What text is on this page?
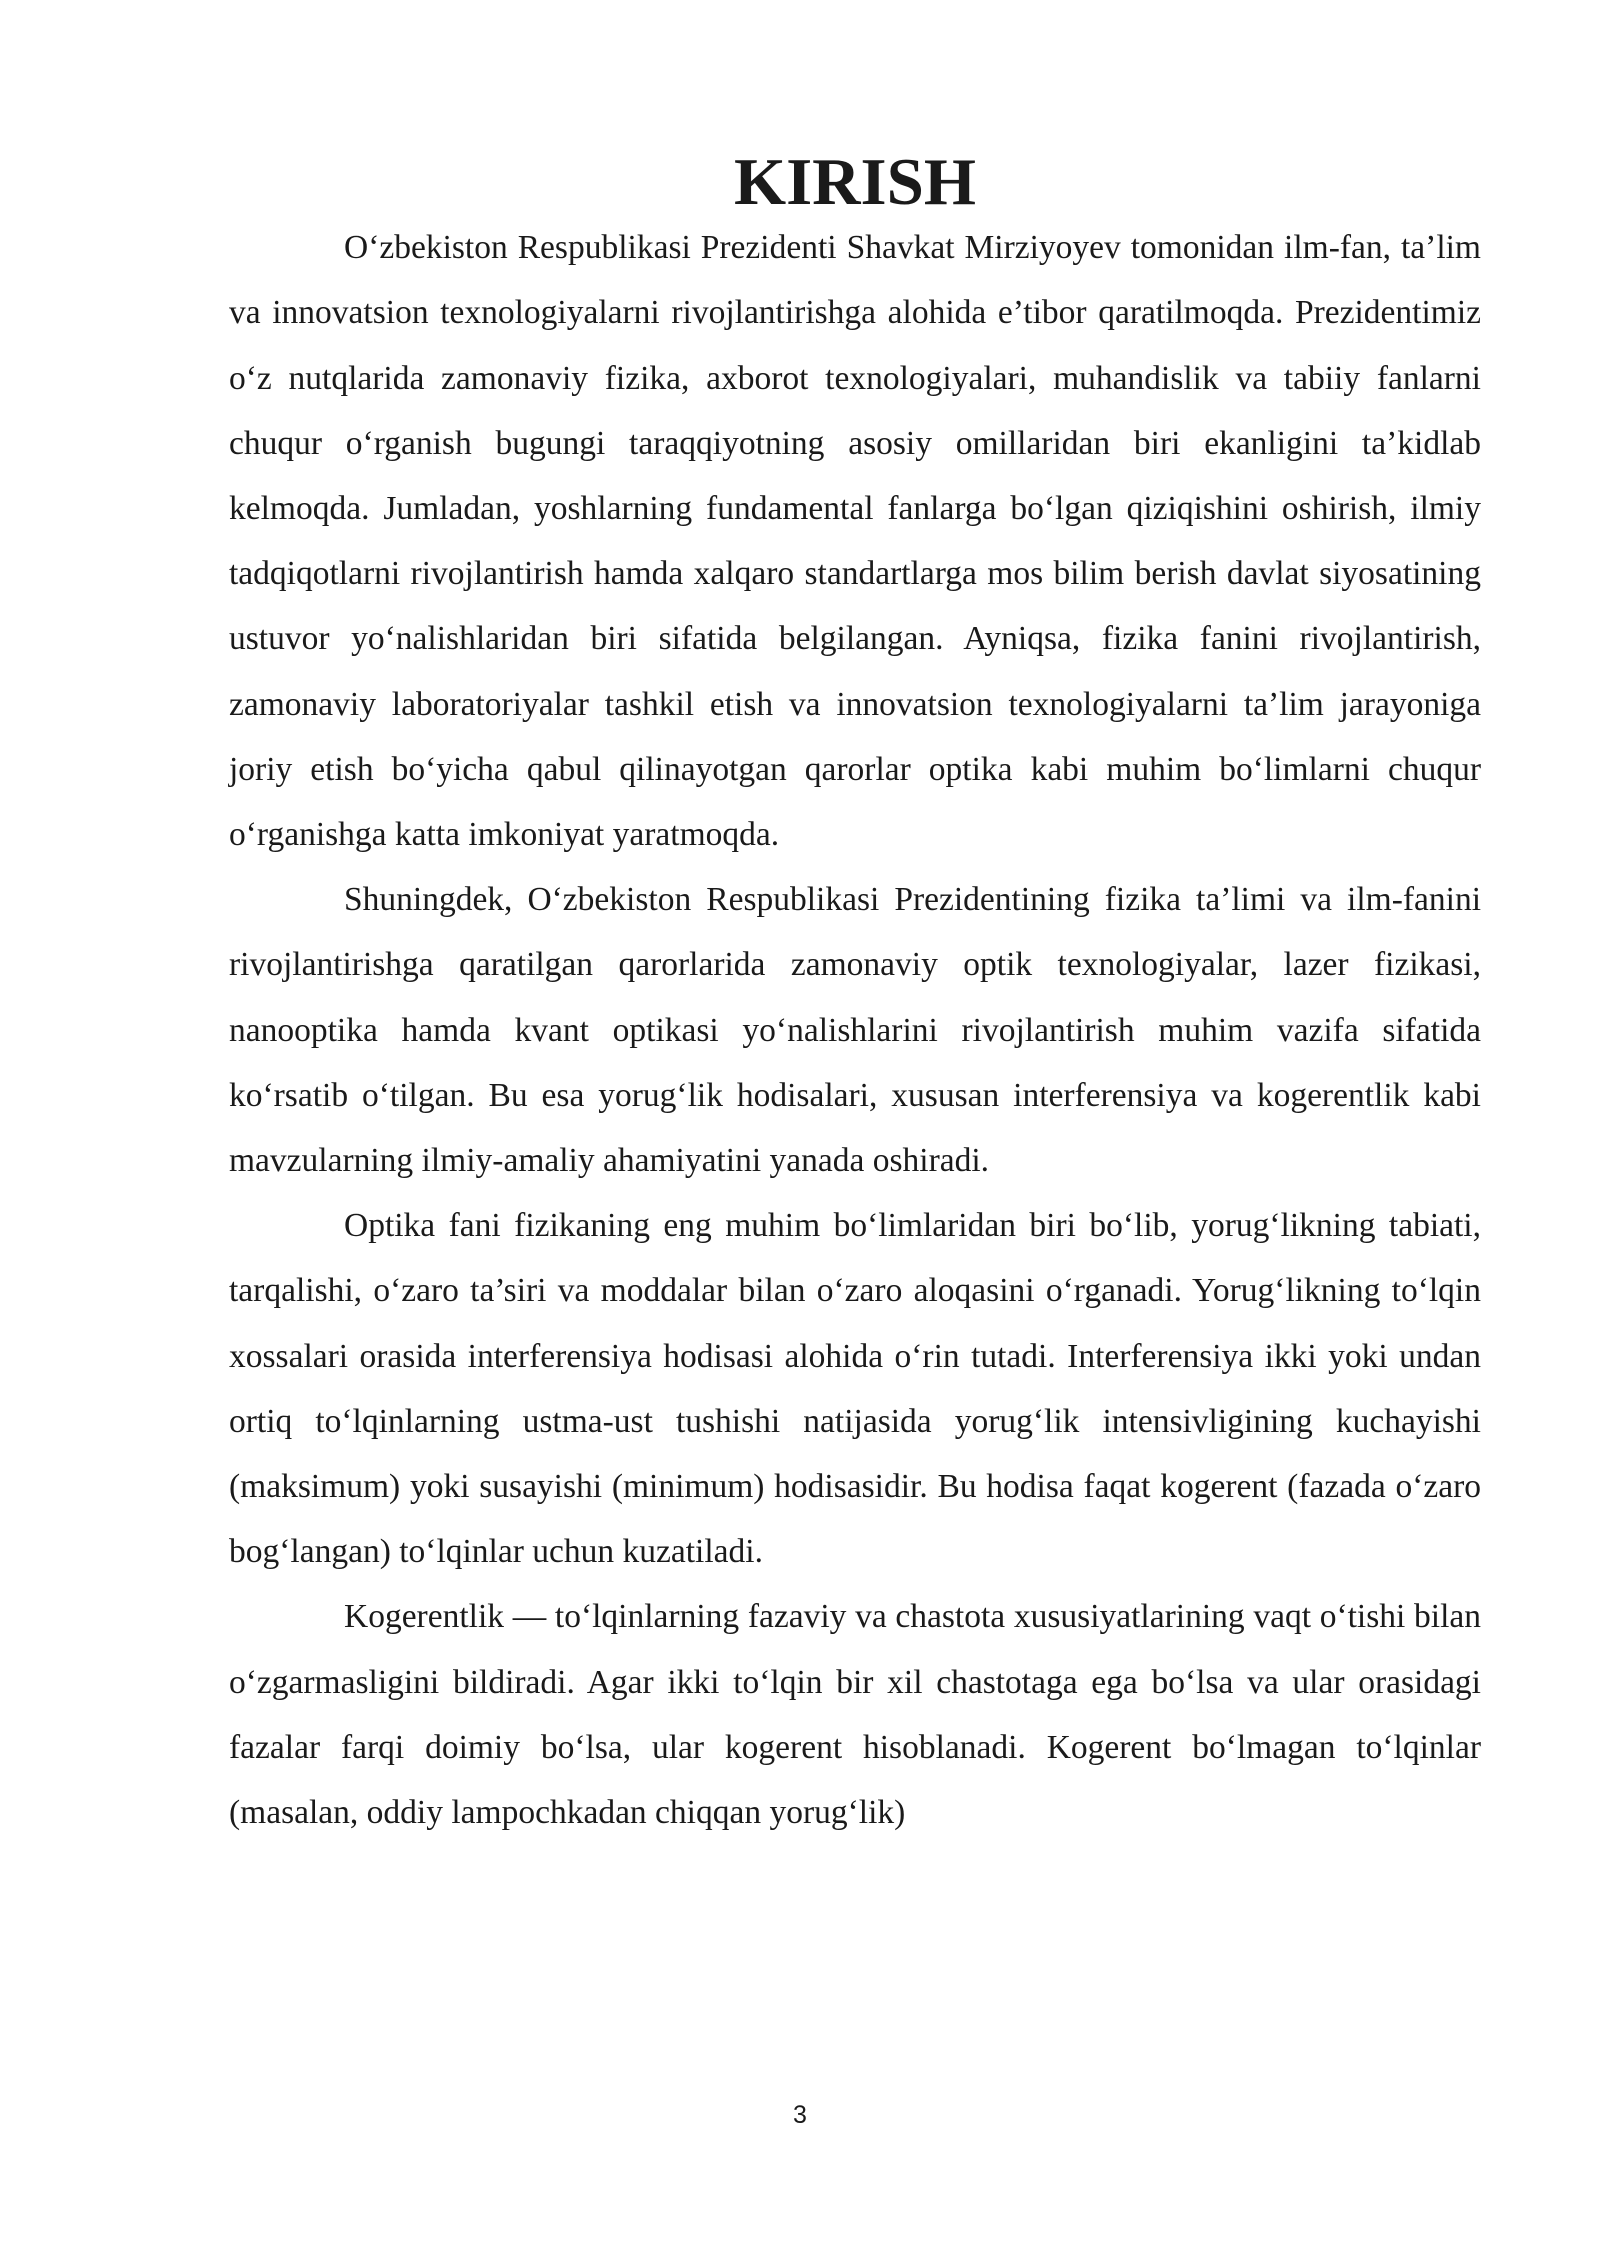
KIRISH

O‘zbekiston Respublikasi Prezidenti Shavkat Mirziyoyev tomonidan ilm-fan, ta’lim va innovatsion texnologiyalarni rivojlantirishga alohida e’tibor qaratilmoqda. Prezidentimiz o‘z nutqlarida zamonaviy fizika, axborot texnologiyalari, muhandislik va tabiiy fanlarni chuqur o‘rganish bugungi taraqqiyotning asosiy omillaridan biri ekanligini ta’kidlab kelmoqda. Jumladan, yoshlarning fundamental fanlarga bo‘lgan qiziqishini oshirish, ilmiy tadqiqotlarni rivojlantirish hamda xalqaro standartlarga mos bilim berish davlat siyosatining ustuvor yo‘nalishlaridan biri sifatida belgilangan. Ayniqsa, fizika fanini rivojlantirish, zamonaviy laboratoriyalar tashkil etish va innovatsion texnologiyalarni ta’lim jarayoniga joriy etish bo‘yicha qabul qilinayotgan qarorlar optika kabi muhim bo‘limlarni chuqur o‘rganishga katta imkoniyat yaratmoqda.

Shuningdek, O‘zbekiston Respublikasi Prezidentining fizika ta’limi va ilm-fanini rivojlantirishga qaratilgan qarorlarida zamonaviy optik texnologiyalar, lazer fizikasi, nanooptika hamda kvant optikasi yo‘nalishlarini rivojlantirish muhim vazifa sifatida ko‘rsatib o‘tilgan. Bu esa yorug‘lik hodisalari, xususan interferensiya va kogerentlik kabi mavzularning ilmiy-amaliy ahamiyatini yanada oshiradi.

Optika fani fizikaning eng muhim bo‘limlaridan biri bo‘lib, yorug‘likning tabiati, tarqalishi, o‘zaro ta’siri va moddalar bilan o‘zaro aloqasini o‘rganadi. Yorug‘likning to‘lqin xossalari orasida interferensiya hodisasi alohida o‘rin tutadi. Interferensiya ikki yoki undan ortiq to‘lqinlarning ustma-ust tushishi natijasida yorug‘lik intensivligining kuchayishi (maksimum) yoki susayishi (minimum) hodisasidir. Bu hodisa faqat kogerent (fazada o‘zaro bog‘langan) to‘lqinlar uchun kuzatiladi.

Kogerentlik — to‘lqinlarning fazaviy va chastota xususiyatlarining vaqt o‘tishi bilan o‘zgarmasligini bildiradi. Agar ikki to‘lqin bir xil chastotaga ega bo‘lsa va ular orasidagi fazalar farqi doimiy bo‘lsa, ular kogerent hisoblanadi. Kogerent bo‘lmagan to‘lqinlar (masalan, oddiy lampochkadan chiqqan yorug‘lik)

3
